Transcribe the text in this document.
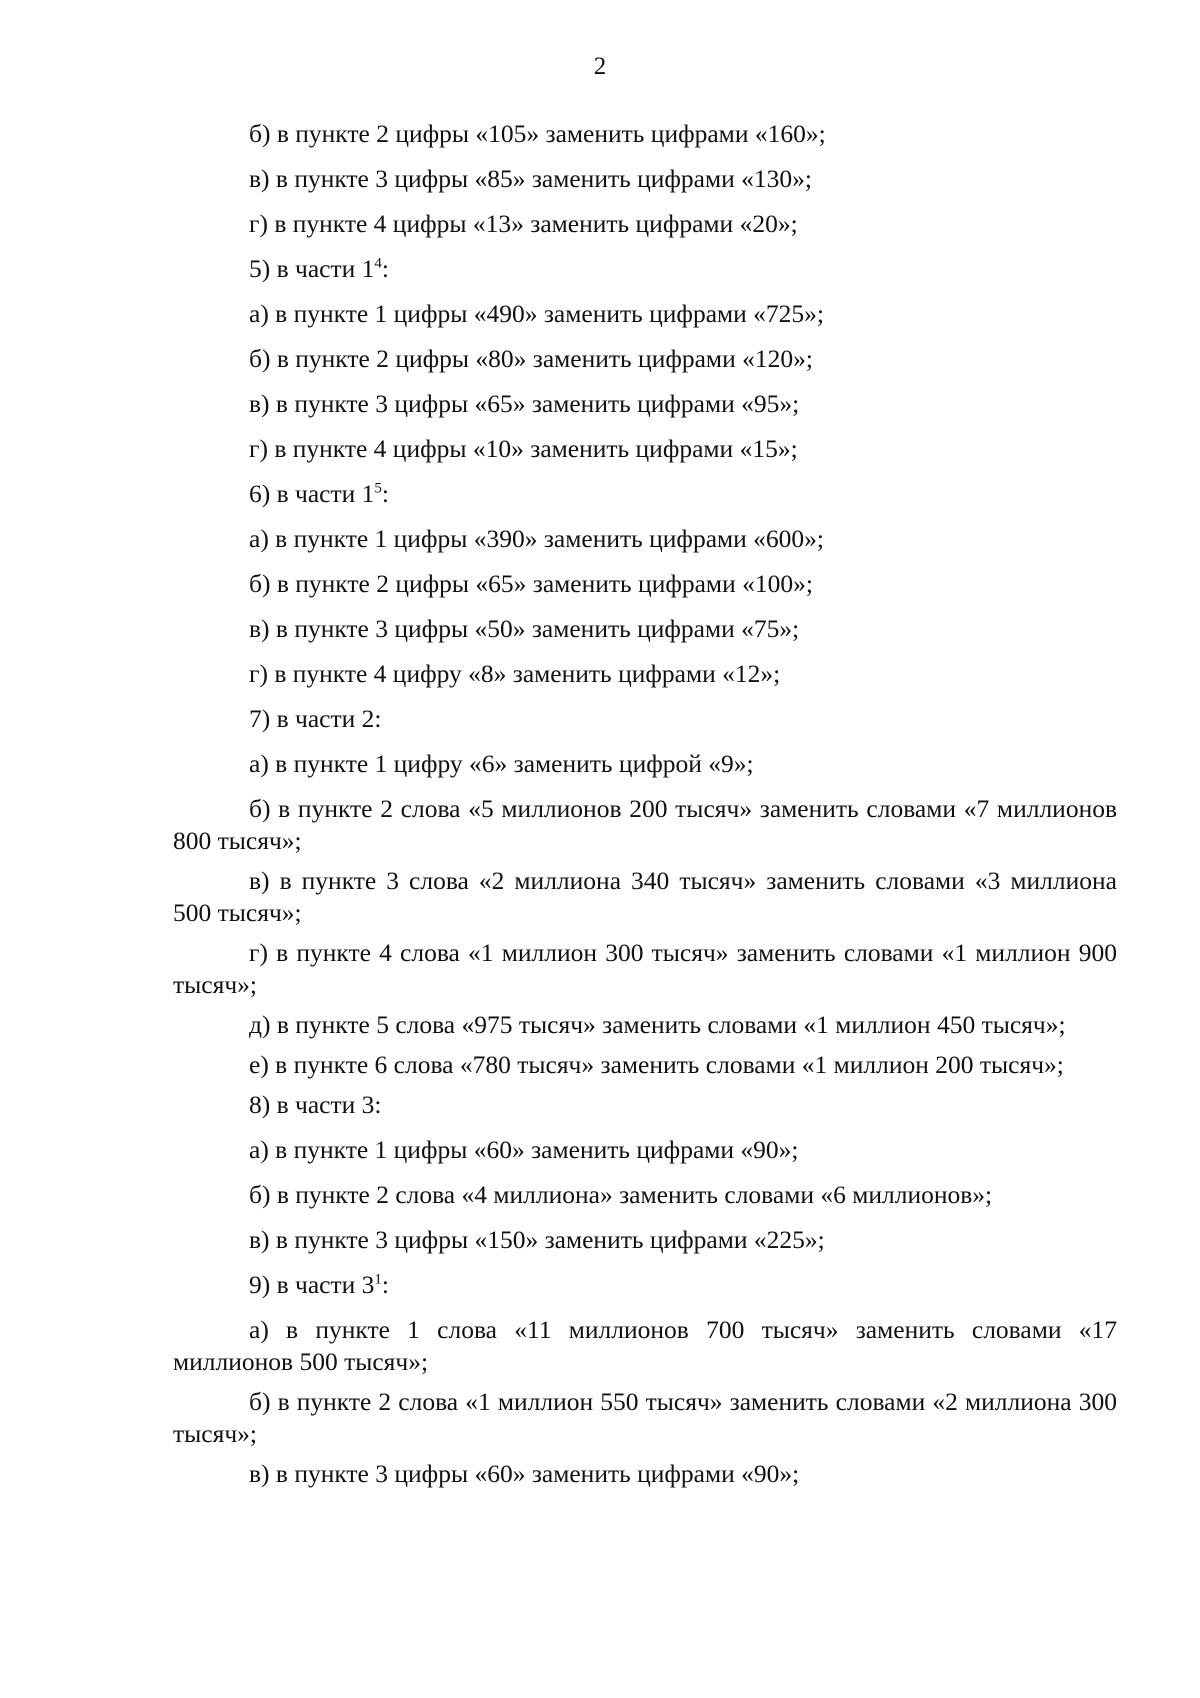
2

б) в пункте 2 цифры «105» заменить цифрами «160»;

в) в пункте 3 цифры «85» заменить цифрами «130»;

г) в пункте 4 цифры «13» заменить цифрами «20»;

5) в части $1^4$:

а) в пункте 1 цифры «490» заменить цифрами «725»;

б) в пункте 2 цифры «80» заменить цифрами «120»;

в) в пункте 3 цифры «65» заменить цифрами «95»;

г) в пункте 4 цифры «10» заменить цифрами «15»;

6) в части $1^5$:

а) в пункте 1 цифры «390» заменить цифрами «600»;

б) в пункте 2 цифры «65» заменить цифрами «100»;

в) в пункте 3 цифры «50» заменить цифрами «75»;

г) в пункте 4 цифру «8» заменить цифрами «12»;

7) в части 2:

а) в пункте 1 цифру «6» заменить цифрой «9»;

б) в пункте 2 слова «5 миллионов 200 тысяч» заменить словами «7 миллионов 800 тысяч»;

в) в пункте 3 слова «2 миллиона 340 тысяч» заменить словами «3 миллиона 500 тысяч»;

г) в пункте 4 слова «1 миллион 300 тысяч» заменить словами «1 миллион 900 тысяч»;

д) в пункте 5 слова «975 тысяч» заменить словами «1 миллион 450 тысяч»;

е) в пункте 6 слова «780 тысяч» заменить словами «1 миллион 200 тысяч»;

8) в части 3:

а) в пункте 1 цифры «60» заменить цифрами «90»;

б) в пункте 2 слова «4 миллиона» заменить словами «6 миллионов»;

в) в пункте 3 цифры «150» заменить цифрами «225»;

9) в части $3^1$:

а) в пункте 1 слова «11 миллионов 700 тысяч» заменить словами «17 миллионов 500 тысяч»;

б) в пункте 2 слова «1 миллион 550 тысяч» заменить словами «2 миллиона 300 тысяч»;

в) в пункте 3 цифры «60» заменить цифрами «90»;
